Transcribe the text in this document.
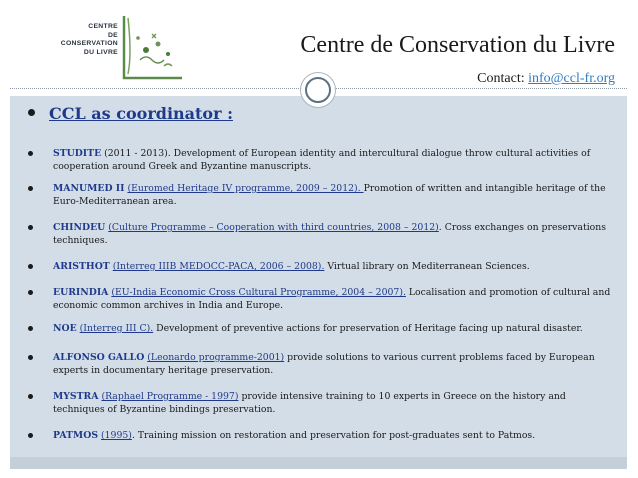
CENTRE
DE
CONSERVATION
DU LIVRE	Centre de Conservation du Livre
Contact: info@ccl-fr.org
CCL as coordinator :
STUDITE (2011 - 2013). Development of European identity and intercultural dialogue throw cultural activities of cooperation around Greek and Byzantine manuscripts.
MANUMED II (Euromed Heritage IV programme, 2009 – 2012). Promotion of written and intangible heritage of the Euro-Mediterranean area.
CHINDEU (Culture Programme – Cooperation with third countries, 2008 – 2012). Cross exchanges on preservations techniques.
ARISTHOT (Interreg IIIB MEDOCC-PACA, 2006 – 2008). Virtual library on Mediterranean Sciences.
EURINDIA (EU-India Economic Cross Cultural Programme, 2004 – 2007). Localisation and promotion of cultural and economic common archives in India and Europe.
NOE (Interreg III C). Development of preventive actions for preservation of Heritage facing up natural disaster.
ALFONSO GALLO (Leonardo programme-2001) provide solutions to various current problems faced by European experts in documentary heritage preservation.
MYSTRA (Raphael Programme - 1997) provide intensive training to 10 experts in Greece on the history and techniques of Byzantine bindings preservation.
PATMOS (1995). Training mission on restoration and preservation for post-graduates sent to Patmos.
